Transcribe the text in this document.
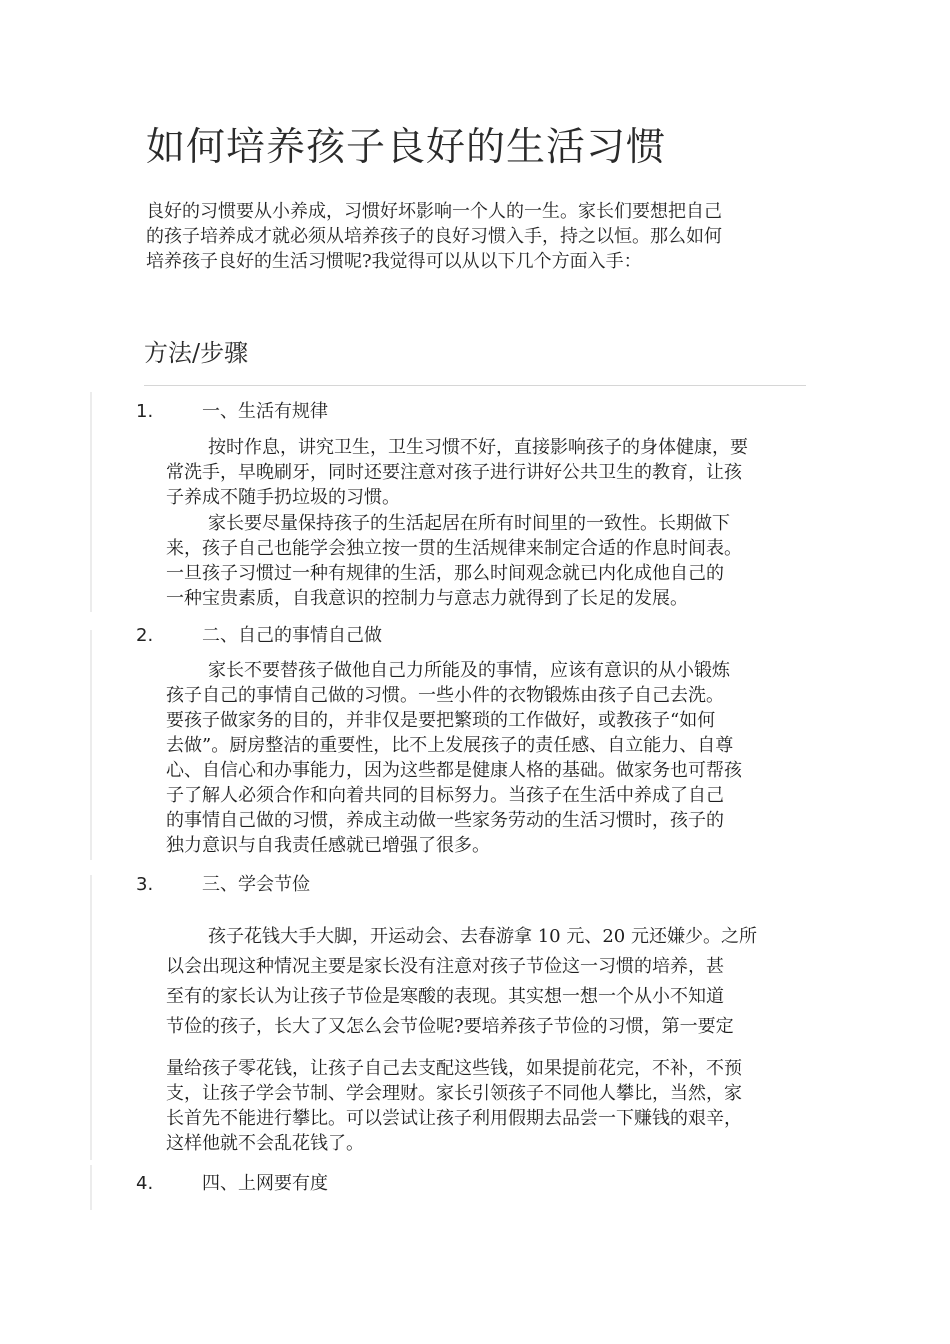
如何培养孩子良好的生活习惯
良好的习惯要从小养成，习惯好坏影响一个人的一生。家长们要想把自己
的孩子培养成才就必须从培养孩子的良好习惯入手，持之以恒。那么如何
培养孩子良好的生活习惯呢?我觉得可以从以下几个方面入手：
方法/步骤
1.	一、生活有规律
按时作息，讲究卫生，卫生习惯不好，直接影响孩子的身体健康，要
常洗手，早晚刷牙，同时还要注意对孩子进行讲好公共卫生的教育，让孩
子养成不随手扔垃圾的习惯。
家长要尽量保持孩子的生活起居在所有时间里的一致性。长期做下
来，孩子自己也能学会独立按一贯的生活规律来制定合适的作息时间表。
一旦孩子习惯过一种有规律的生活，那么时间观念就已内化成他自己的
一种宝贵素质，自我意识的控制力与意志力就得到了长足的发展。
2.	二、自己的事情自己做
家长不要替孩子做他自己力所能及的事情，应该有意识的从小锻炼
孩子自己的事情自己做的习惯。一些小件的衣物锻炼由孩子自己去洗。
要孩子做家务的目的，并非仅是要把繁琐的工作做好，或教孩子“如何
去做”。厨房整洁的重要性，比不上发展孩子的责任感、自立能力、自尊
心、自信心和办事能力，因为这些都是健康人格的基础。做家务也可帮孩
子了解人必须合作和向着共同的目标努力。当孩子在生活中养成了自己
的事情自己做的习惯，养成主动做一些家务劳动的生活习惯时，孩子的
独力意识与自我责任感就已增强了很多。
3.	三、学会节俭
孩子花钱大手大脚，开运动会、去春游拿 10 元、20 元还嫌少。之所
以会出现这种情况主要是家长没有注意对孩子节俭这一习惯的培养，甚
至有的家长认为让孩子节俭是寒酸的表现。其实想一想一个从小不知道
节俭的孩子，长大了又怎么会节俭呢?要培养孩子节俭的习惯，第一要定
量给孩子零花钱，让孩子自己去支配这些钱，如果提前花完，不补，不预
支，让孩子学会节制、学会理财。家长引领孩子不同他人攀比，当然，家
长首先不能进行攀比。可以尝试让孩子利用假期去品尝一下赚钱的艰辛，
这样他就不会乱花钱了。
4.	四、上网要有度
